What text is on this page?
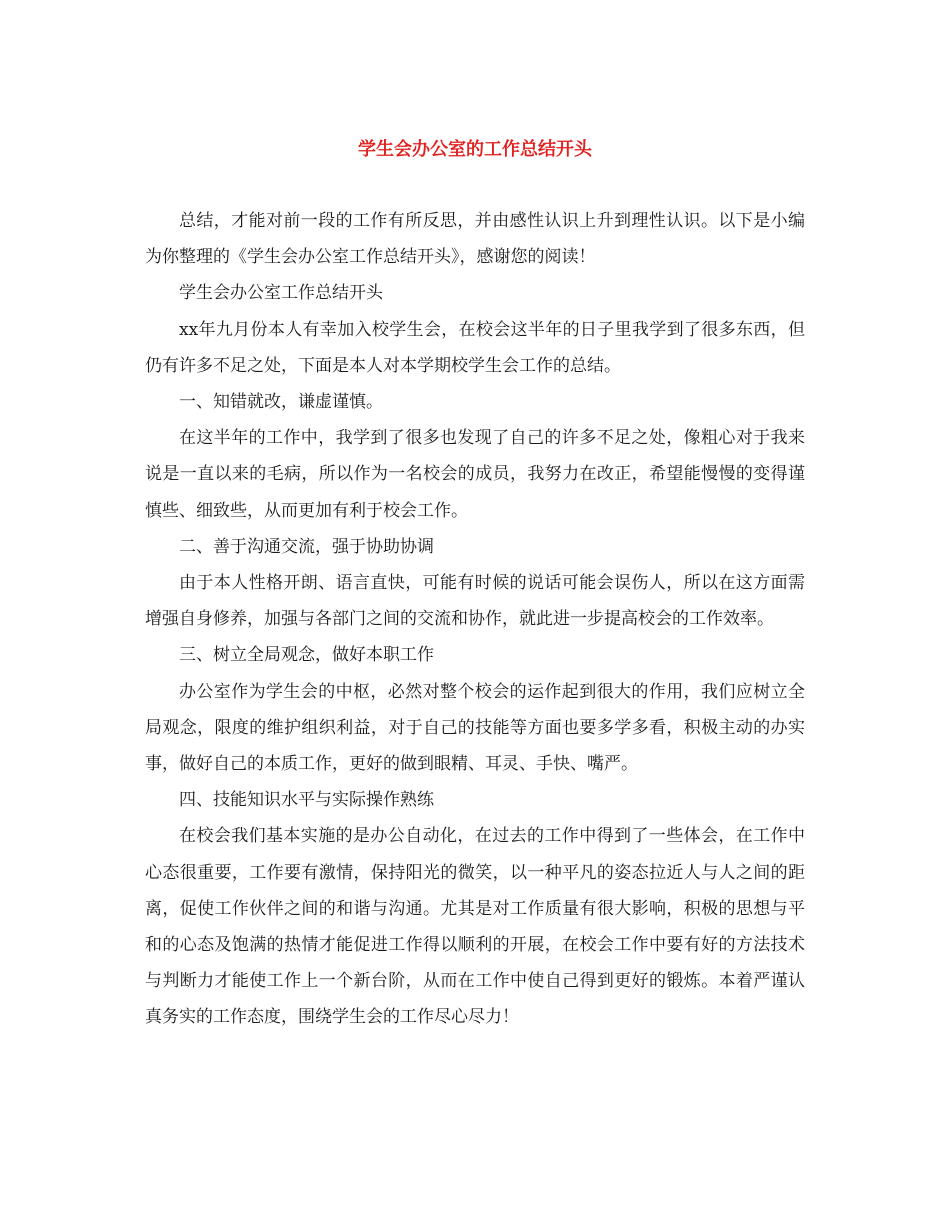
学生会办公室的工作总结开头

总结，才能对前一段的工作有所反思，并由感性认识上升到理性认识。以下是小编为你整理的《学生会办公室工作总结开头》，感谢您的阅读！

学生会办公室工作总结开头

xx年九月份本人有幸加入校学生会，在校会这半年的日子里我学到了很多东西，但仍有许多不足之处，下面是本人对本学期校学生会工作的总结。

一、知错就改，谦虚谨慎。

在这半年的工作中，我学到了很多也发现了自己的许多不足之处，像粗心对于我来说是一直以来的毛病，所以作为一名校会的成员，我努力在改正，希望能慢慢的变得谨慎些、细致些，从而更加有利于校会工作。

二、善于沟通交流，强于协助协调

由于本人性格开朗、语言直快，可能有时候的说话可能会误伤人，所以在这方面需增强自身修养，加强与各部门之间的交流和协作，就此进一步提高校会的工作效率。

三、树立全局观念，做好本职工作

办公室作为学生会的中枢，必然对整个校会的运作起到很大的作用，我们应树立全局观念，限度的维护组织利益，对于自己的技能等方面也要多学多看，积极主动的办实事，做好自己的本质工作，更好的做到眼精、耳灵、手快、嘴严。

四、技能知识水平与实际操作熟练

在校会我们基本实施的是办公自动化，在过去的工作中得到了一些体会，在工作中心态很重要，工作要有激情，保持阳光的微笑，以一种平凡的姿态拉近人与人之间的距离，促使工作伙伴之间的和谐与沟通。尤其是对工作质量有很大影响，积极的思想与平和的心态及饱满的热情才能促进工作得以顺利的开展，在校会工作中要有好的方法技术与判断力才能使工作上一个新台阶，从而在工作中使自己得到更好的锻炼。本着严谨认真务实的工作态度，围绕学生会的工作尽心尽力！
